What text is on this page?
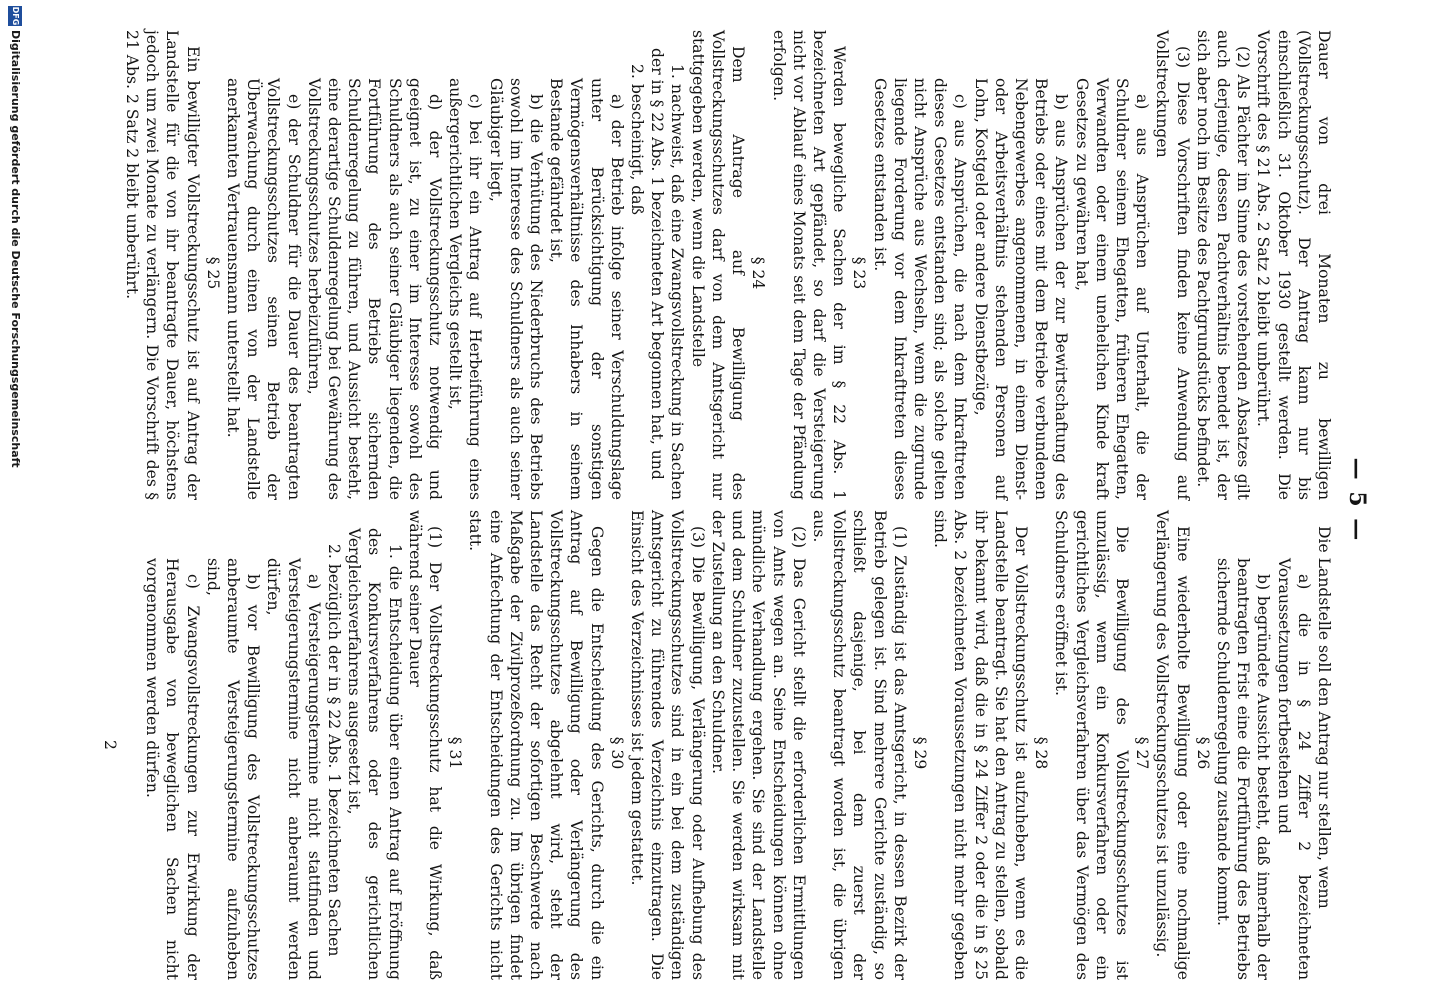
— 5 —

Dauer von drei Monaten zu bewilligen (Vollstreckungsschutz). Der Antrag kann nur bis einschließlich 31. Oktober 1930 gestellt werden. Die Vorschrift des § 21 Abs. 2 Satz 2 bleibt unberührt.

(2) Als Pächter im Sinne des vorstehenden Absatzes gilt auch derjenige, dessen Pachtverhältnis beendet ist, der sich aber noch im Besitze des Pachtgrundstücks befindet.

(3) Diese Vorschriften finden keine Anwendung auf Vollstreckungen

a) aus Ansprüchen auf Unterhalt, die der Schuldner seinem Ehegatten, früheren Ehegatten, Verwandten oder einem unehelichen Kinde kraft Gesetzes zu gewähren hat,

b) aus Ansprüchen der zur Bewirtschaftung des Betriebs oder eines mit dem Betriebe verbundenen Nebengewerbes angenommenen, in einem Dienst- oder Arbeitsverhältnis stehenden Personen auf Lohn, Kostgeld oder andere Dienstbezüge,

c) aus Ansprüchen, die nach dem Inkrafttreten dieses Gesetzes entstanden sind; als solche gelten nicht Ansprüche aus Wechseln, wenn die zugrunde liegende Forderung vor dem Inkrafttreten dieses Gesetzes entstanden ist.

§ 23

Werden bewegliche Sachen der im § 22 Abs. 1 bezeichneten Art gepfändet, so darf die Versteigerung nicht vor Ablauf eines Monats seit dem Tage der Pfändung erfolgen.

§ 24

Dem Antrage auf Bewilligung des Vollstreckungsschutzes darf von dem Amtsgericht nur stattgegeben werden, wenn die Landstelle

1. nachweist, daß eine Zwangsvollstreckung in Sachen der in § 22 Abs. 1 bezeichneten Art begonnen hat, und

2. bescheinigt, daß

a) der Betrieb infolge seiner Verschuldungslage unter Berücksichtigung der sonstigen Vermögensverhältnisse des Inhabers in seinem Bestande gefährdet ist,

b) die Verhütung des Niederbruchs des Betriebs sowohl im Interesse des Schuldners als auch seiner Gläubiger liegt,

c) bei ihr ein Antrag auf Herbeiführung eines außergerichtlichen Vergleichs gestellt ist,

d) der Vollstreckungsschutz notwendig und geeignet ist, zu einer im Interesse sowohl des Schuldners als auch seiner Gläubiger liegenden, die Fortführung des Betriebs sichernden Schuldenregelung zu führen, und Aussicht besteht, eine derartige Schuldenregelung bei Gewährung des Vollstreckungsschutzes herbeizuführen,

e) der Schuldner für die Dauer des beantragten Vollstreckungsschutzes seinen Betrieb der Überwachung durch einen von der Landstelle anerkannten Vertrauensmann unterstellt hat.

§ 25

Ein bewilligter Vollstreckungsschutz ist auf Antrag der Landstelle für die von ihr beantragte Dauer, höchstens jedoch um zwei Monate zu verlängern. Die Vorschrift des § 21 Abs. 2 Satz 2 bleibt unberührt.

Die Landstelle soll den Antrag nur stellen, wenn

a) die in § 24 Ziffer 2 bezeichneten Voraussetzungen fortbestehen und

b) begründete Aussicht besteht, daß innerhalb der beantragten Frist eine die Fortführung des Betriebs sichernde Schuldenregelung zustande kommt.

§ 26

Eine wiederholte Bewilligung oder eine nochmalige Verlängerung des Vollstreckungsschutzes ist unzulässig.

§ 27

Die Bewilligung des Vollstreckungsschutzes ist unzulässig, wenn ein Konkursverfahren oder ein gerichtliches Vergleichsverfahren über das Vermögen des Schuldners eröffnet ist.

§ 28

Der Vollstreckungsschutz ist aufzuheben, wenn es die Landstelle beantragt. Sie hat den Antrag zu stellen, sobald ihr bekannt wird, daß die in § 24 Ziffer 2 oder die in § 25 Abs. 2 bezeichneten Voraussetzungen nicht mehr gegeben sind.

§ 29

(1) Zuständig ist das Amtsgericht, in dessen Bezirk der Betrieb gelegen ist. Sind mehrere Gerichte zuständig, so schließt dasjenige, bei dem zuerst der Vollstreckungsschutz beantragt worden ist, die übrigen aus.

(2) Das Gericht stellt die erforderlichen Ermittlungen von Amts wegen an. Seine Entscheidungen können ohne mündliche Verhandlung ergehen. Sie sind der Landstelle und dem Schuldner zuzustellen. Sie werden wirksam mit der Zustellung an den Schuldner.

(3) Die Bewilligung, Verlängerung oder Aufhebung des Vollstreckungsschutzes sind in ein bei dem zuständigen Amtsgericht zu führendes Verzeichnis einzutragen. Die Einsicht des Verzeichnisses ist jedem gestattet.

§ 30

Gegen die Entscheidung des Gerichts, durch die ein Antrag auf Bewilligung oder Verlängerung des Vollstreckungsschutzes abgelehnt wird, steht der Landstelle das Recht der sofortigen Beschwerde nach Maßgabe der Zivilprozeßordnung zu. Im übrigen findet eine Anfechtung der Entscheidungen des Gerichts nicht statt.

§ 31

(1) Der Vollstreckungsschutz hat die Wirkung, daß während seiner Dauer

1. die Entscheidung über einen Antrag auf Eröffnung des Konkursverfahrens oder des gerichtlichen Vergleichsverfahrens ausgesetzt ist,

2. bezüglich der in § 22 Abs. 1 bezeichneten Sachen

a) Versteigerungstermine nicht stattfinden und Versteigerungstermine nicht anberaumt werden dürfen,

b) vor Bewilligung des Vollstreckungsschutzes anberaumte Versteigerungstermine aufzuheben sind,

c) Zwangsvollstreckungen zur Erwirkung der Herausgabe von beweglichen Sachen nicht vorgenommen werden dürfen.

2
DFG
Digitalisierung gefördert durch die Deutsche Forschungsgemeinschaft
